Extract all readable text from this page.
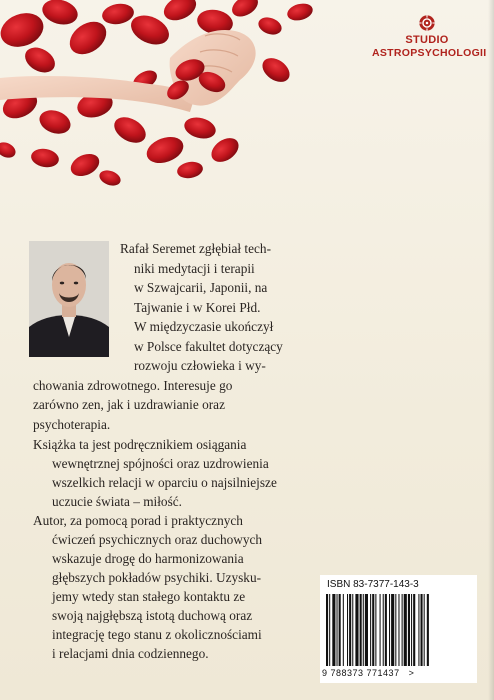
STUDIO
ASTROPSYCHOLOGII
Rafał Seremet zgłębiał tech-
niki medytacji i terapii
w Szwajcarii, Japonii, na
Tajwanie i w Korei Płd.
W międzyczasie ukończył
w Polsce fakultet dotyczący
rozwoju człowieka i wy-
chowania zdrowotnego. Interesuje go
zarówno zen, jak i uzdrawianie oraz
psychoterapia.
Książka ta jest podręcznikiem osiągania
wewnętrznej spójności oraz uzdrowienia
wszelkich relacji w oparciu o najsilniejsze
uczucie świata – miłość.
Autor, za pomocą porad i praktycznych
ćwiczeń psychicznych oraz duchowych
wskazuje drogę do harmonizowania
głębszych pokładów psychiki. Uzysku-
jemy wtedy stan stałego kontaktu ze
swoją najgłębszą istotą duchową oraz
integrację tego stanu z okolicznościami
i relacjami dnia codziennego.
ISBN 83-7377-143-3
9 788373 771437 >
